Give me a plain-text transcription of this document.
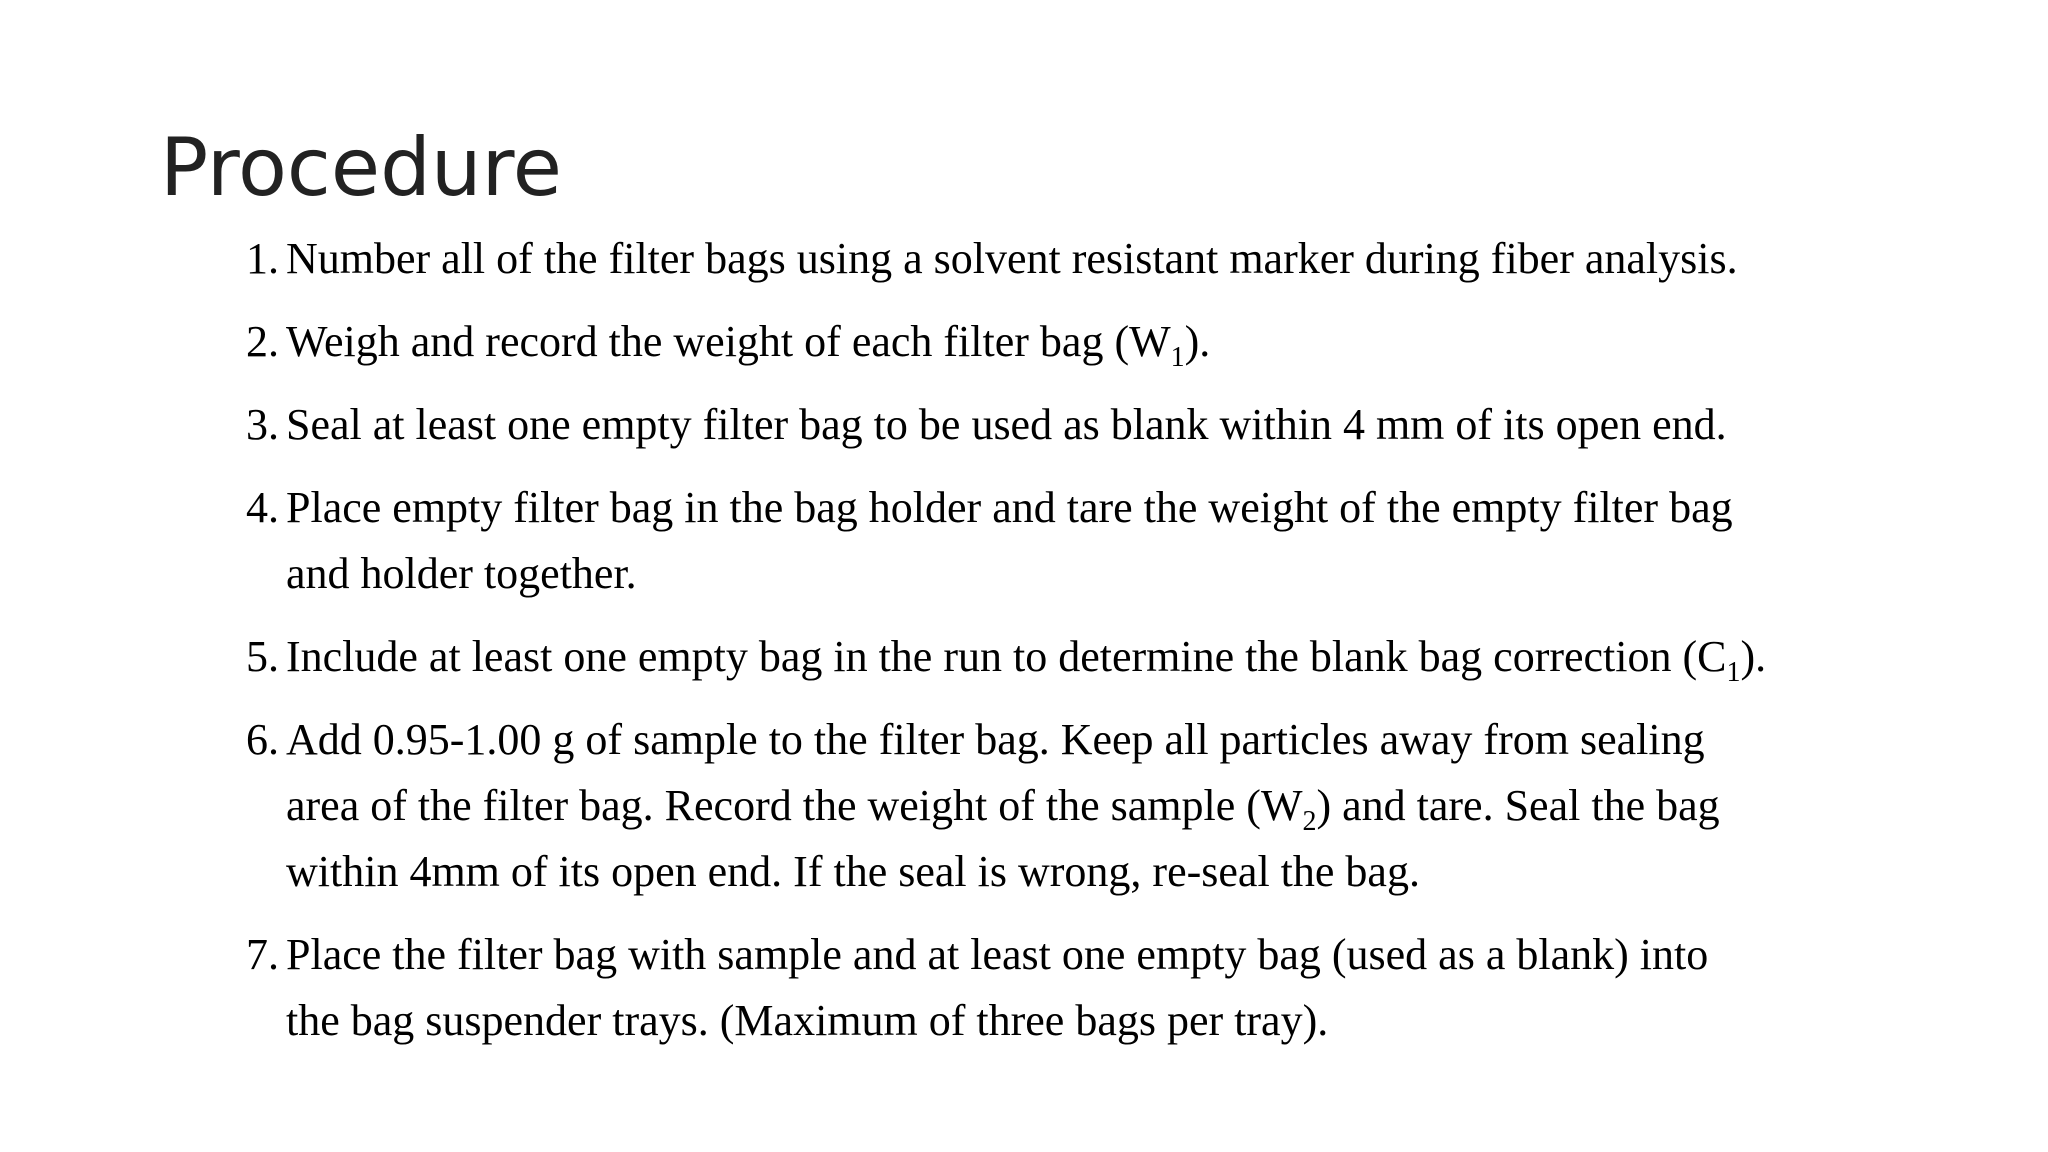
Procedure
1. Number all of the filter bags using a solvent resistant marker during fiber analysis.
2. Weigh and record the weight of each filter bag $(W_1)$.
3. Seal at least one empty filter bag to be used as blank within 4 mm of its open end.
4. Place empty filter bag in the bag holder and tare the weight of the empty filter bag
and holder together.
5. Include at least one empty bag in the run to determine the blank bag correction $(C_1)$.
6. Add 0.95-1.00 g of sample to the filter bag. Keep all particles away from sealing
area of the filter bag. Record the weight of the sample $(W_2)$ and tare. Seal the bag
within 4mm of its open end. If the seal is wrong, re-seal the bag.
7. Place the filter bag with sample and at least one empty bag (used as a blank) into
the bag suspender trays. (Maximum of three bags per tray).
